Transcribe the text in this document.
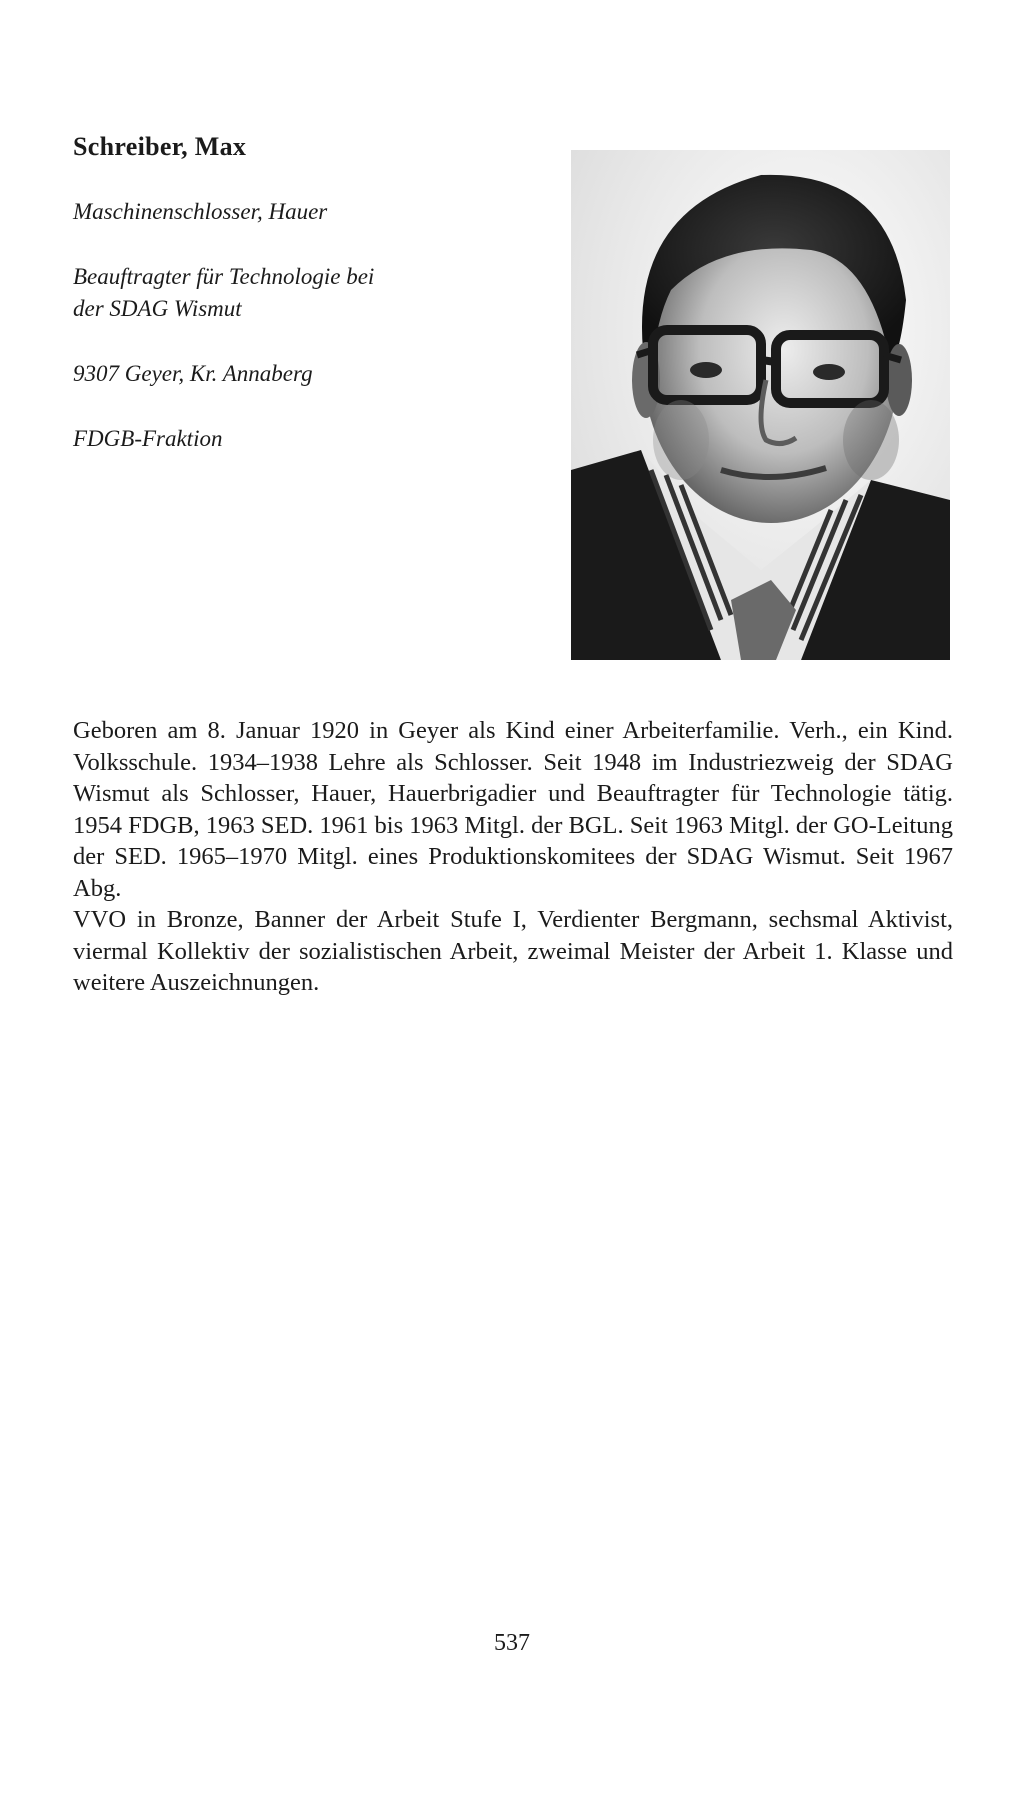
Schreiber, Max
Maschinenschlosser, Hauer
Beauftragter für Technologie bei
der SDAG Wismut
9307 Geyer, Kr. Annaberg
FDGB-Fraktion

Geboren am 8. Januar 1920 in Geyer als Kind einer Arbeiterfamilie. Verh., ein Kind. Volksschule. 1934–1938 Lehre als Schlosser. Seit 1948 im Industriezweig der SDAG Wismut als Schlosser, Hauer, Hauerbrigadier und Beauftragter für Technologie tätig. 1954 FDGB, 1963 SED. 1961 bis 1963 Mitgl. der BGL. Seit 1963 Mitgl. der GO-Leitung der SED. 1965–1970 Mitgl. eines Produktionskomitees der SDAG Wismut. Seit 1967 Abg.

VVO in Bronze, Banner der Arbeit Stufe I, Verdienter Bergmann, sechsmal Aktivist, viermal Kollektiv der sozialistischen Arbeit, zweimal Meister der Arbeit 1. Klasse und weitere Auszeichnungen.

537
